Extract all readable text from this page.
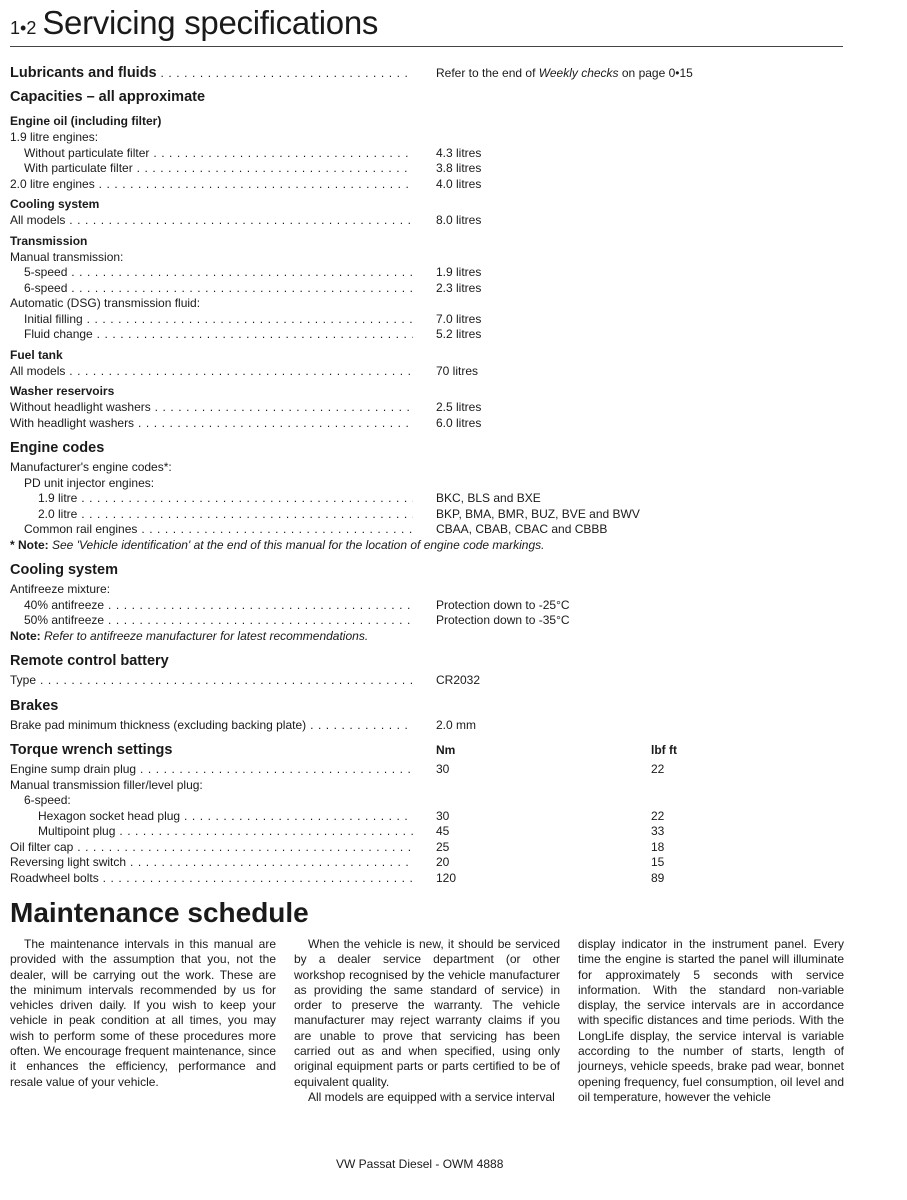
1•2 Servicing specifications
Lubricants and fluids . . .	Refer to the end of Weekly checks on page 0•15
Capacities – all approximate
Engine oil (including filter)
1.9 litre engines:
Without particulate filter . . .	4.3 litres
With particulate filter . . .	3.8 litres
2.0 litre engines . . .	4.0 litres
Cooling system
All models . . .	8.0 litres
Transmission
Manual transmission:
5-speed . . .	1.9 litres
6-speed . . .	2.3 litres
Automatic (DSG) transmission fluid:
Initial filling . . .	7.0 litres
Fluid change . . .	5.2 litres
Fuel tank
All models . . .	70 litres
Washer reservoirs
Without headlight washers . . .	2.5 litres
With headlight washers . . .	6.0 litres
Engine codes
Manufacturer's engine codes*:
PD unit injector engines:
1.9 litre . . .	BKC, BLS and BXE
2.0 litre . . .	BKP, BMA, BMR, BUZ, BVE and BWV
Common rail engines . . .	CBAA, CBAB, CBAC and CBBB
* Note: See 'Vehicle identification' at the end of this manual for the location of engine code markings.
Cooling system
Antifreeze mixture:
40% antifreeze . . .	Protection down to -25°C
50% antifreeze . . .	Protection down to -35°C
Note: Refer to antifreeze manufacturer for latest recommendations.
Remote control battery
Type . . .	CR2032
Brakes
Brake pad minimum thickness (excluding backing plate) . . .	2.0 mm
Torque wrench settings	Nm	lbf ft
Engine sump drain plug . . .	30	22
Manual transmission filler/level plug:
6-speed:
Hexagon socket head plug . . .	30	22
Multipoint plug . . .	45	33
Oil filter cap . . .	25	18
Reversing light switch . . .	20	15
Roadwheel bolts . . .	120	89
Maintenance schedule

The maintenance intervals in this manual are provided with the assumption that you, not the dealer, will be carrying out the work. These are the minimum intervals recommended by us for vehicles driven daily. If you wish to keep your vehicle in peak condition at all times, you may wish to perform some of these procedures more often. We encourage frequent maintenance, since it enhances the efficiency, performance and resale value of your vehicle.

When the vehicle is new, it should be serviced by a dealer service department (or other workshop recognised by the vehicle manufacturer as providing the same standard of service) in order to preserve the warranty. The vehicle manufacturer may reject warranty claims if you are unable to prove that servicing has been carried out as and when specified, using only original equipment parts or parts certified to be of equivalent quality.

All models are equipped with a service interval

display indicator in the instrument panel. Every time the engine is started the panel will illuminate for approximately 5 seconds with service information. With the standard non-variable display, the service intervals are in accordance with specific distances and time periods. With the LongLife display, the service interval is variable according to the number of starts, length of journeys, vehicle speeds, brake pad wear, bonnet opening frequency, fuel consumption, oil level and oil temperature, however the vehicle

VW Passat Diesel - OWM 4888
